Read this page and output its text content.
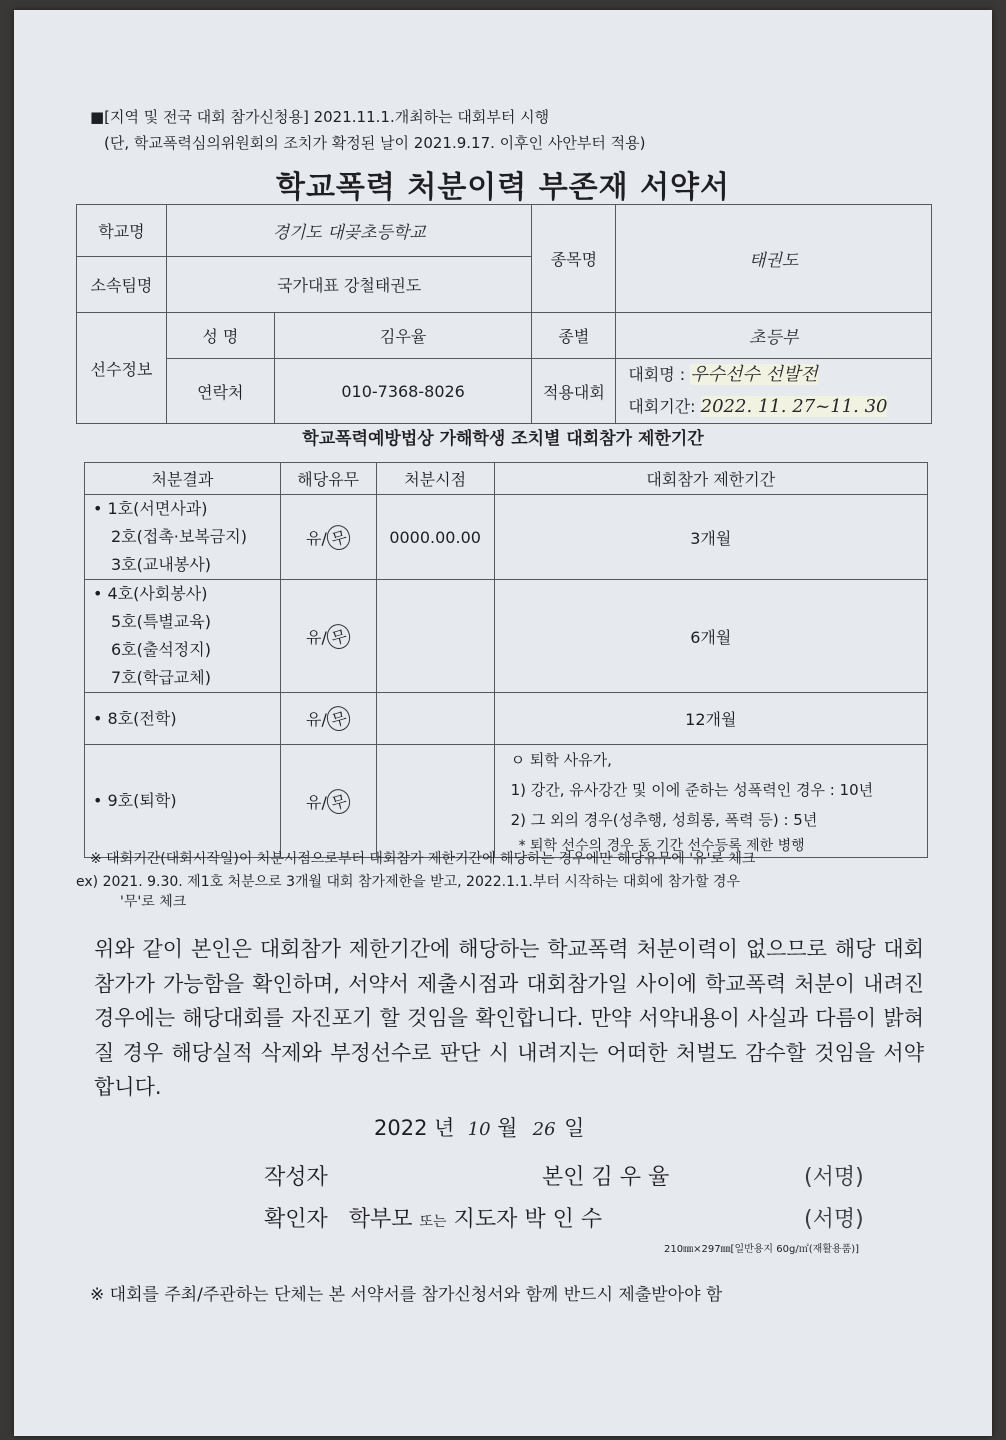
■[지역 및 전국 대회 참가신청용] 2021.11.1.개최하는 대회부터 시행
(단, 학교폭력심의위원회의 조치가 확정된 날이 2021.9.17. 이후인 사안부터 적용)
학교폭력 처분이력 부존재 서약서
학교명	경기도 대곶초등학교		종목명	태권도
소속팀명	국가대표 강철태권도			
선수정보	성 명	김우율	종별	초등부
	연락처	010-7368-8026	적용대회	대회명 : 우수선수 선발전
대회기간: 2022. 11. 27~11. 30
학교폭력예방법상 가해학생 조치별 대회참가 제한기간
처분결과	해당유무	처분시점	대회참가 제한기간

• 1호(서면사과)
2호(접촉·보복금지)
3호(교내봉사)	유/ 무	0000.00.00	3개월

• 4호(사회봉사)
5호(특별교육)
6호(출석정지)
7호(학급교체)	유/ 무		6개월

• 8호(전학)	유/ 무		12개월

• 9호(퇴학)	유/ 무		ㅇ 퇴학 사유가,
1) 강간, 유사강간 및 이에 준하는 성폭력인 경우 : 10년
2) 그 외의 경우(성추행, 성희롱, 폭력 등) : 5년
* 퇴학 선수의 경우 동 기간 선수등록 제한 병행
※ 대회기간(대회시작일)이 처분시점으로부터 대회참가 제한기간에 해당하는 경우에만 해당유무에 '유'로 체크
ex) 2021. 9.30. 제1호 처분으로 3개월 대회 참가제한을 받고, 2022.1.1.부터 시작하는 대회에 참가할 경우
'무'로 체크
위와 같이 본인은 대회참가 제한기간에 해당하는 학교폭력 처분이력이 없으므로 해당 대회 참가가 가능함을 확인하며, 서약서 제출시점과 대회참가일 사이에 학교폭력 처분이 내려진 경우에는 해당대회를 자진포기 할 것임을 확인합니다. 만약 서약내용이 사실과 다름이 밝혀질 경우 해당실적 삭제와 부정선수로 판단 시 내려지는 어떠한 처벌도 감수할 것임을 서약합니다.
2022 년 10 월 26 일
작성자	본인 김 우 율	(서명)
확인자 학부모 또는 지도자 박 인 수	(서명)
210㎜×297㎜[일반용지 60g/㎡(재활용품)]
※ 대회를 주최/주관하는 단체는 본 서약서를 참가신청서와 함께 반드시 제출받아야 함
